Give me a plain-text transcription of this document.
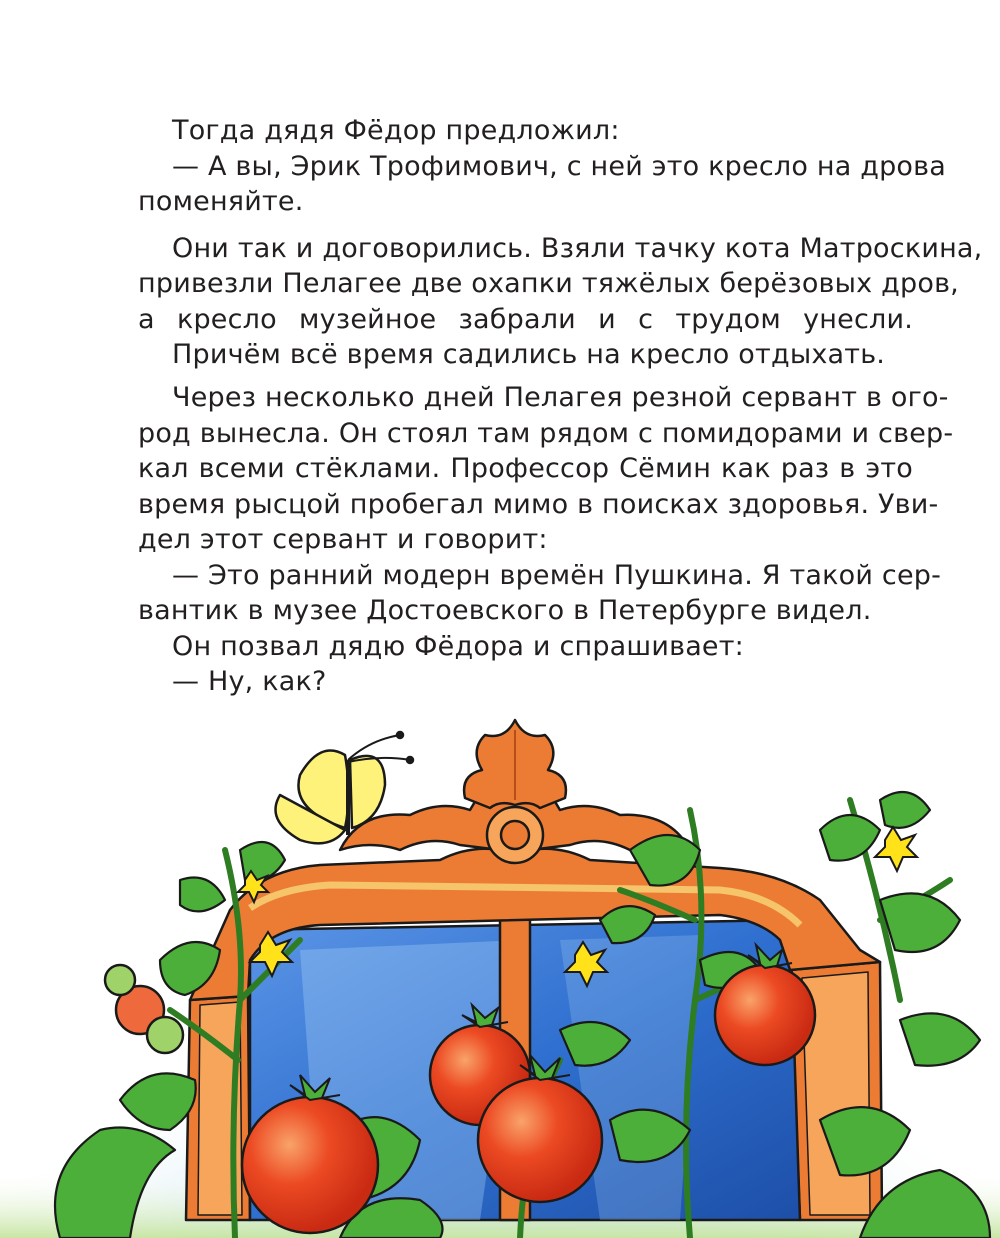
Тогда дядя Фёдор предложил:
— А вы, Эрик Трофимович, с ней это кресло на дрова
поменяйте.
Они так и договорились. Взяли тачку кота Матроскина,
привезли Пелагее две охапки тяжёлых берёзовых дров,
а кресло музейное забрали и с трудом унесли.
Причём всё время садились на кресло отдыхать.
Через несколько дней Пелагея резной сервант в ого-
род вынесла. Он стоял там рядом с помидорами и свер-
кал всеми стёклами. Профессор Сёмин как раз в это
время рысцой пробегал мимо в поисках здоровья. Уви-
дел этот сервант и говорит:
— Это ранний модерн времён Пушкина. Я такой сер-
вантик в музее Достоевского в Петербурге видел.
Он позвал дядю Фёдора и спрашивает:
— Ну, как?
